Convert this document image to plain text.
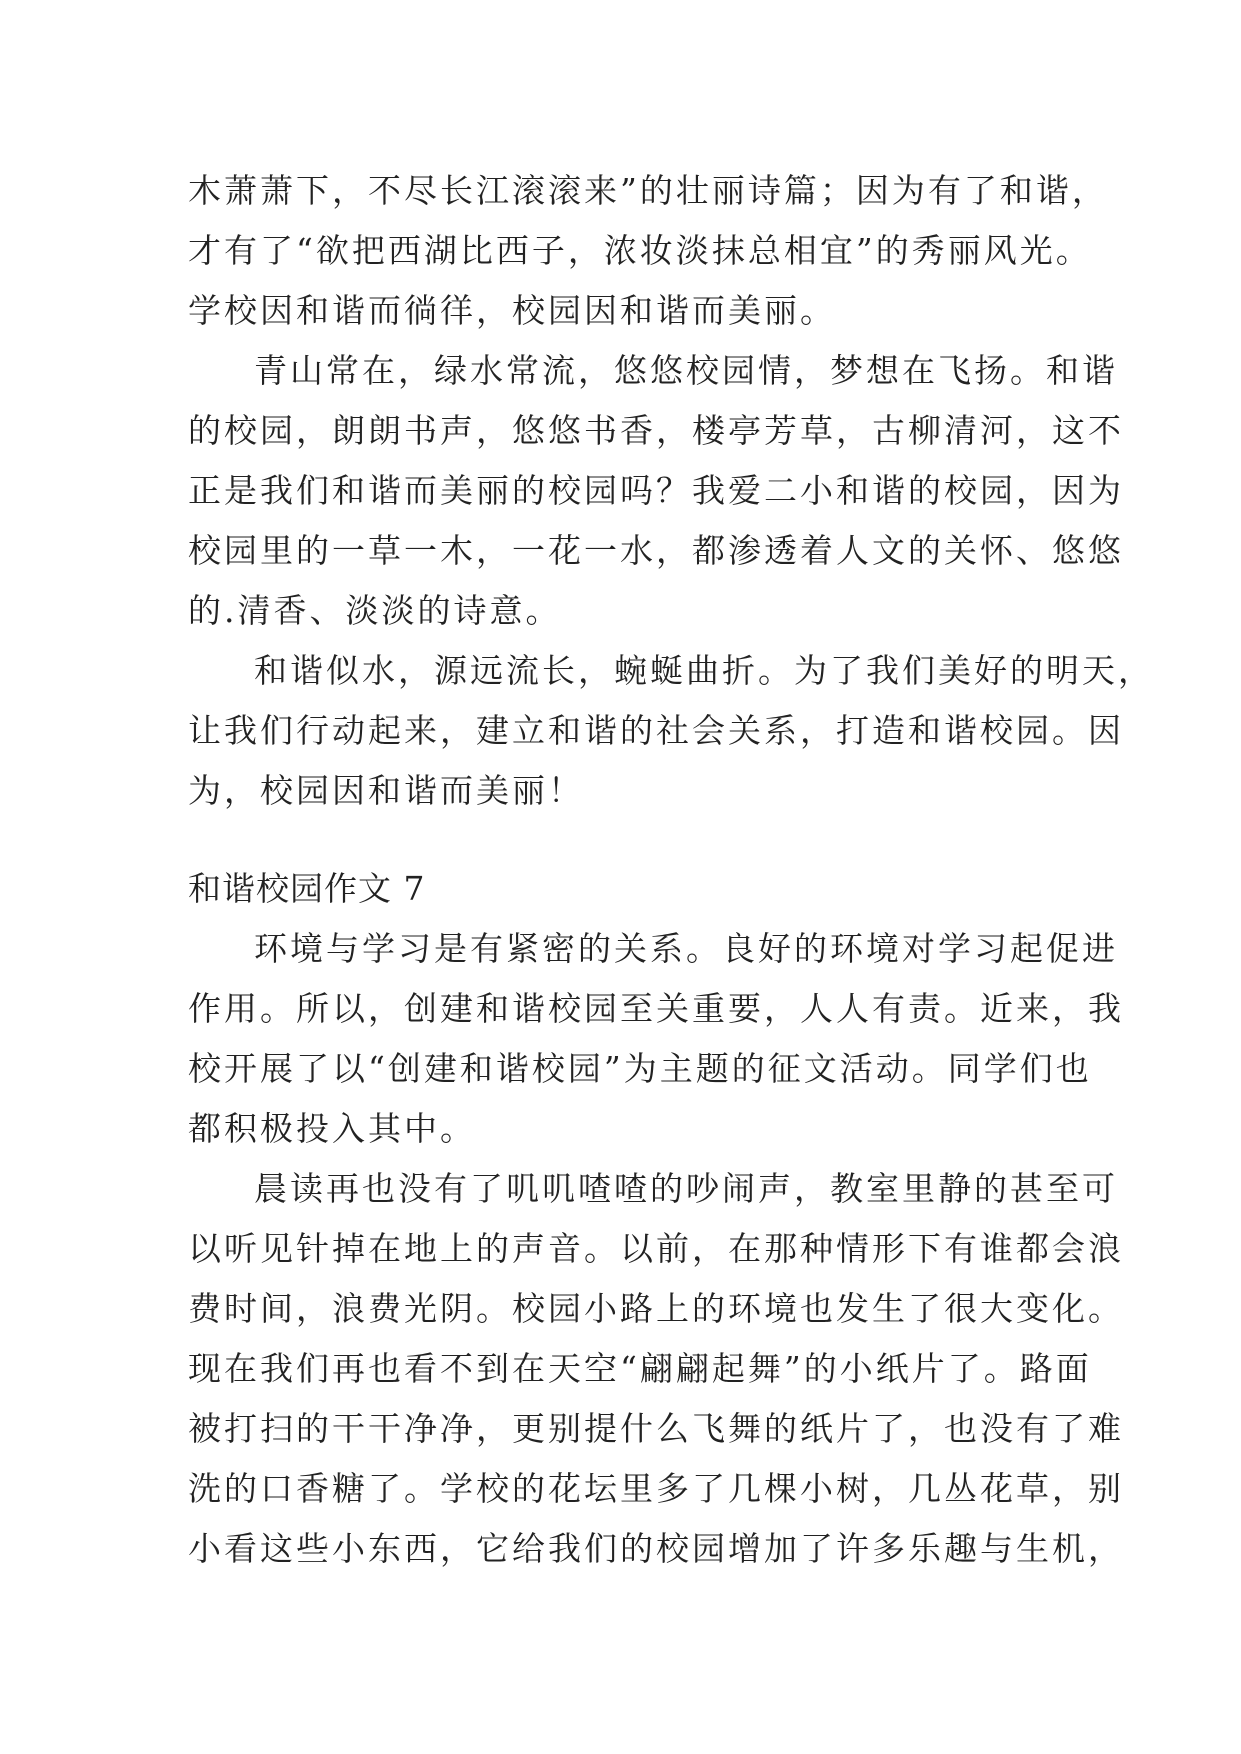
木萧萧下，不尽长江滚滚来”的壮丽诗篇；因为有了和谐，
才有了“欲把西湖比西子，浓妆淡抹总相宜”的秀丽风光。
学校因和谐而徜徉，校园因和谐而美丽。
青山常在，绿水常流，悠悠校园情，梦想在飞扬。和谐
的校园，朗朗书声，悠悠书香，楼亭芳草，古柳清河，这不
正是我们和谐而美丽的校园吗？我爱二小和谐的校园，因为
校园里的一草一木，一花一水，都渗透着人文的关怀、悠悠
的.清香、淡淡的诗意。
和谐似水，源远流长，蜿蜒曲折。为了我们美好的明天，
让我们行动起来，建立和谐的社会关系，打造和谐校园。因
为，校园因和谐而美丽！
和谐校园作文 7
环境与学习是有紧密的关系。良好的环境对学习起促进
作用。所以，创建和谐校园至关重要，人人有责。近来，我
校开展了以“创建和谐校园”为主题的征文活动。同学们也
都积极投入其中。
晨读再也没有了叽叽喳喳的吵闹声，教室里静的甚至可
以听见针掉在地上的声音。以前，在那种情形下有谁都会浪
费时间，浪费光阴。校园小路上的环境也发生了很大变化。
现在我们再也看不到在天空“翩翩起舞”的小纸片了。路面
被打扫的干干净净，更别提什么飞舞的纸片了，也没有了难
洗的口香糖了。学校的花坛里多了几棵小树，几丛花草，别
小看这些小东西，它给我们的校园增加了许多乐趣与生机，
